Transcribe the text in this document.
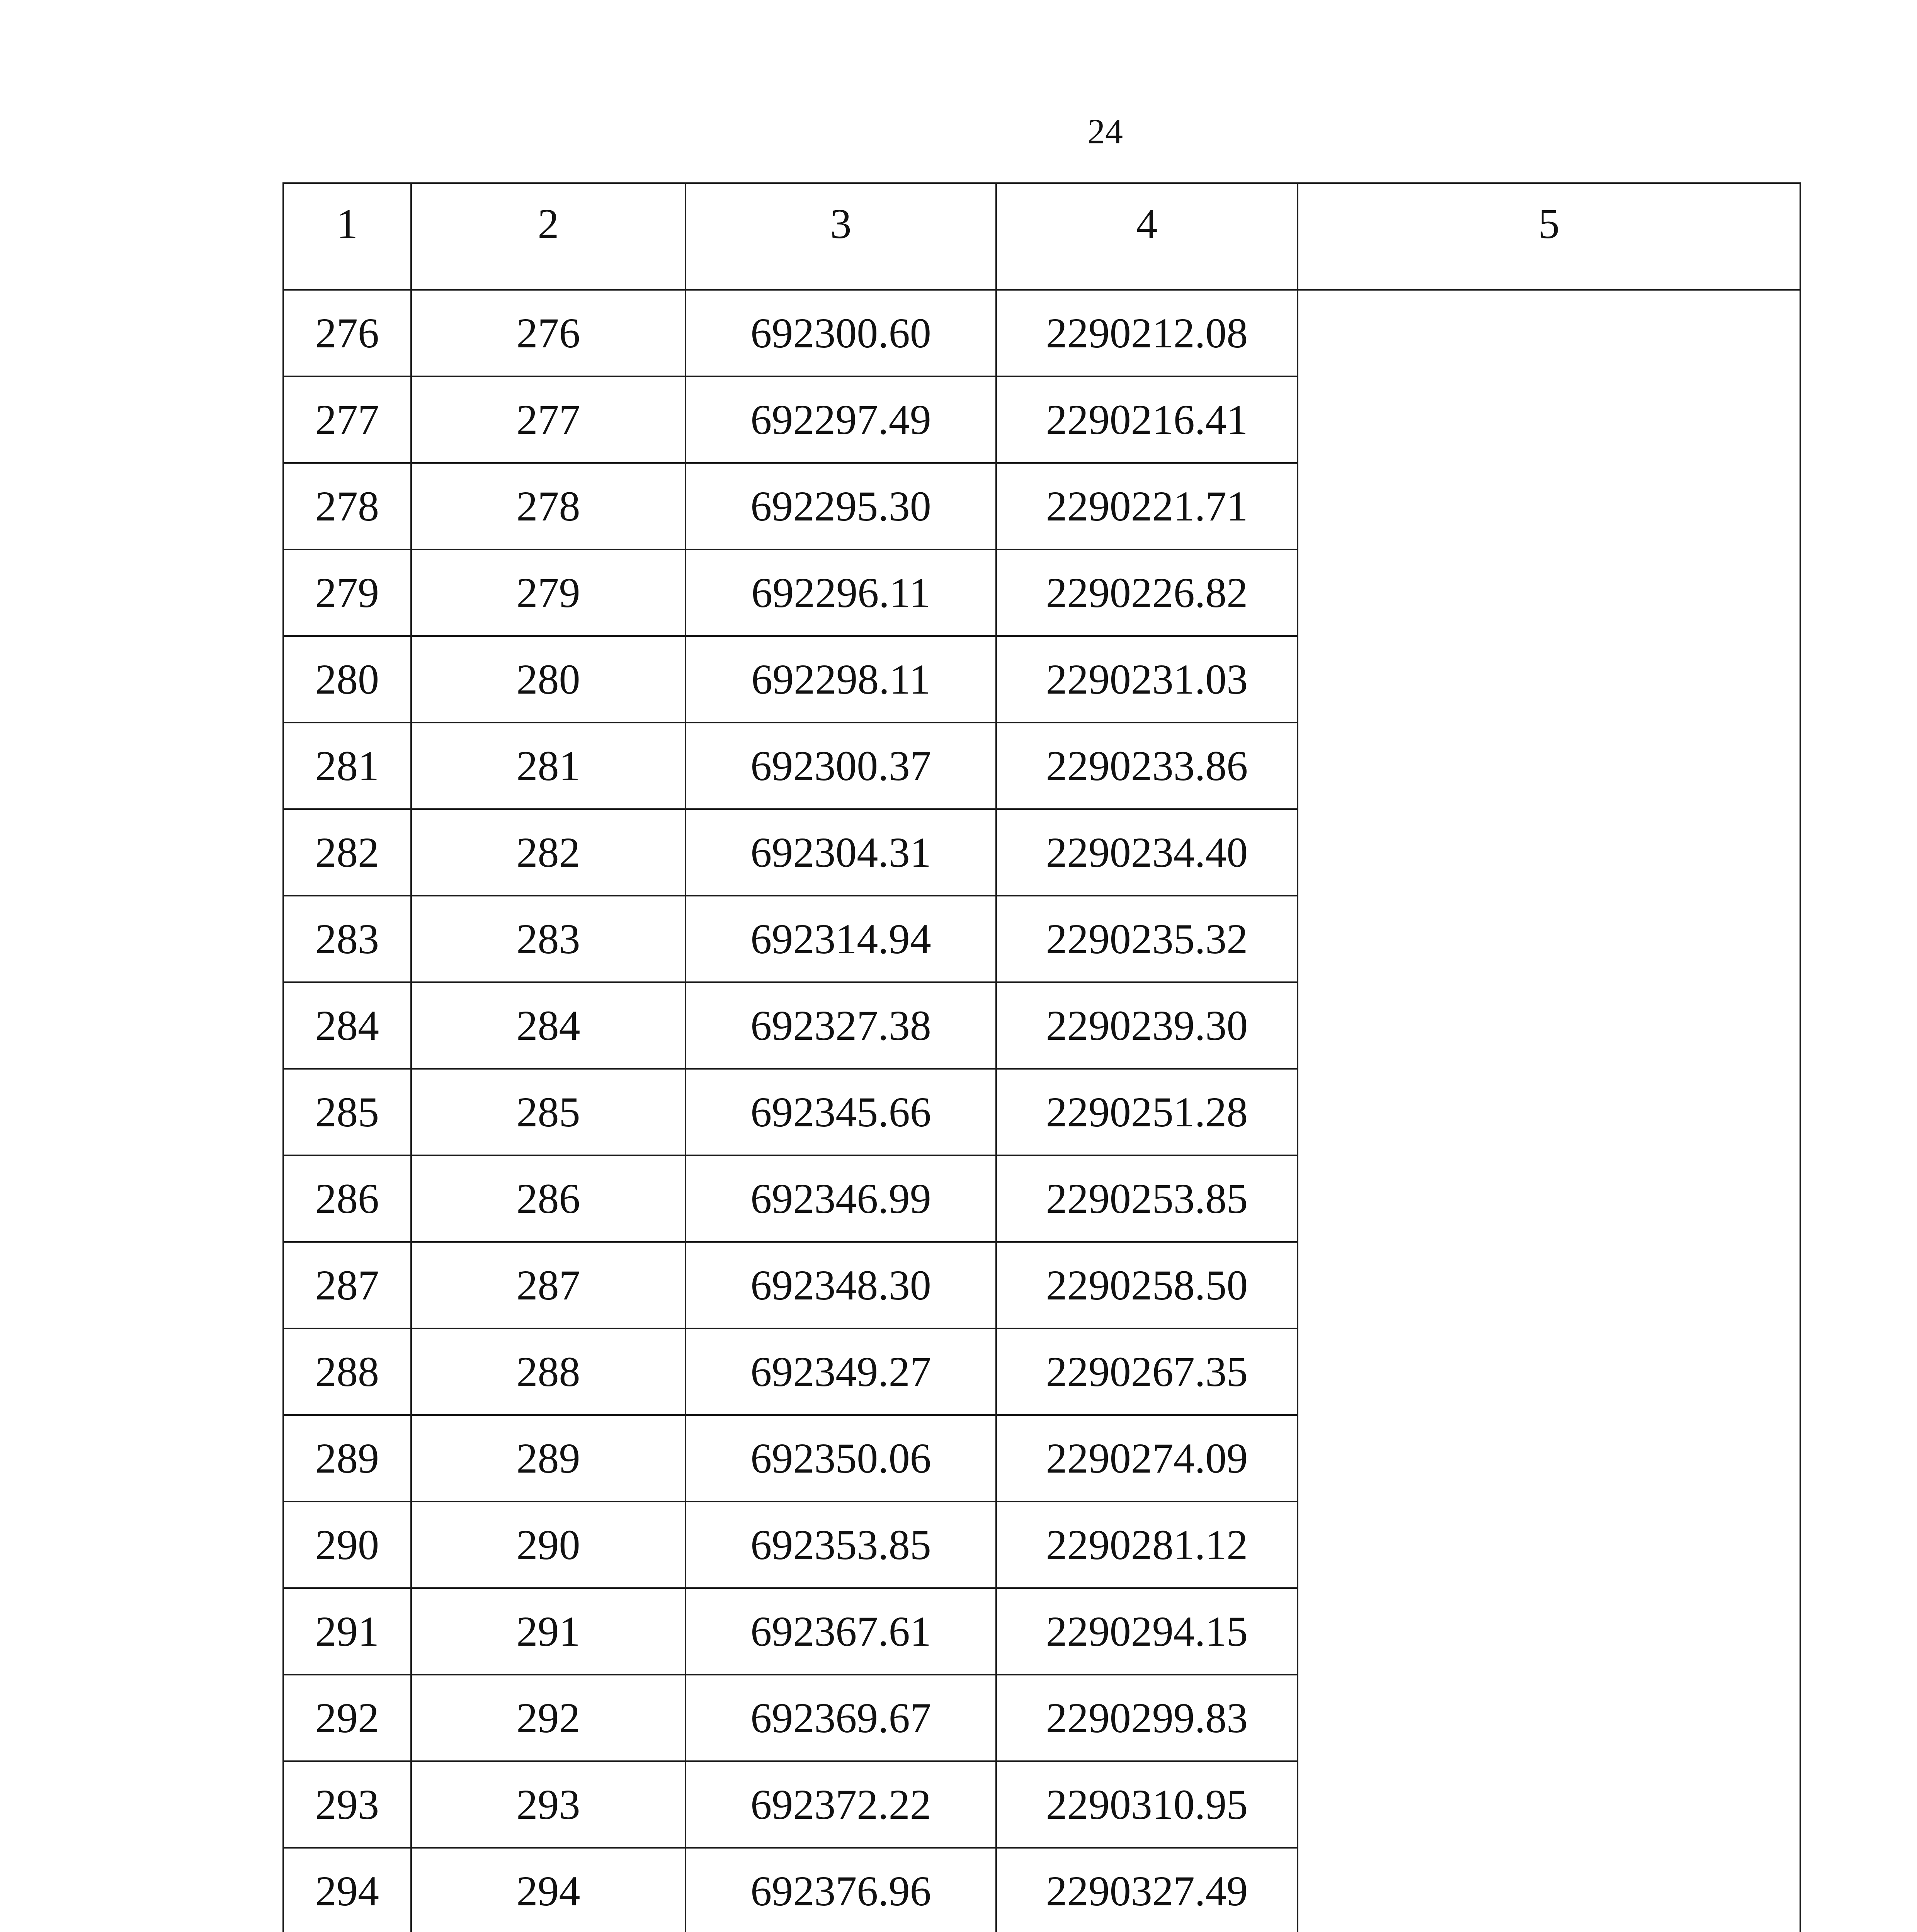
24
1	2	3	4	5
276	276	692300.60	2290212.08	
277	277	692297.49	2290216.41	
278	278	692295.30	2290221.71	
279	279	692296.11	2290226.82	
280	280	692298.11	2290231.03	
281	281	692300.37	2290233.86	
282	282	692304.31	2290234.40	
283	283	692314.94	2290235.32	
284	284	692327.38	2290239.30	
285	285	692345.66	2290251.28	
286	286	692346.99	2290253.85	
287	287	692348.30	2290258.50	
288	288	692349.27	2290267.35	
289	289	692350.06	2290274.09	
290	290	692353.85	2290281.12	
291	291	692367.61	2290294.15	
292	292	692369.67	2290299.83	
293	293	692372.22	2290310.95	
294	294	692376.96	2290327.49	
